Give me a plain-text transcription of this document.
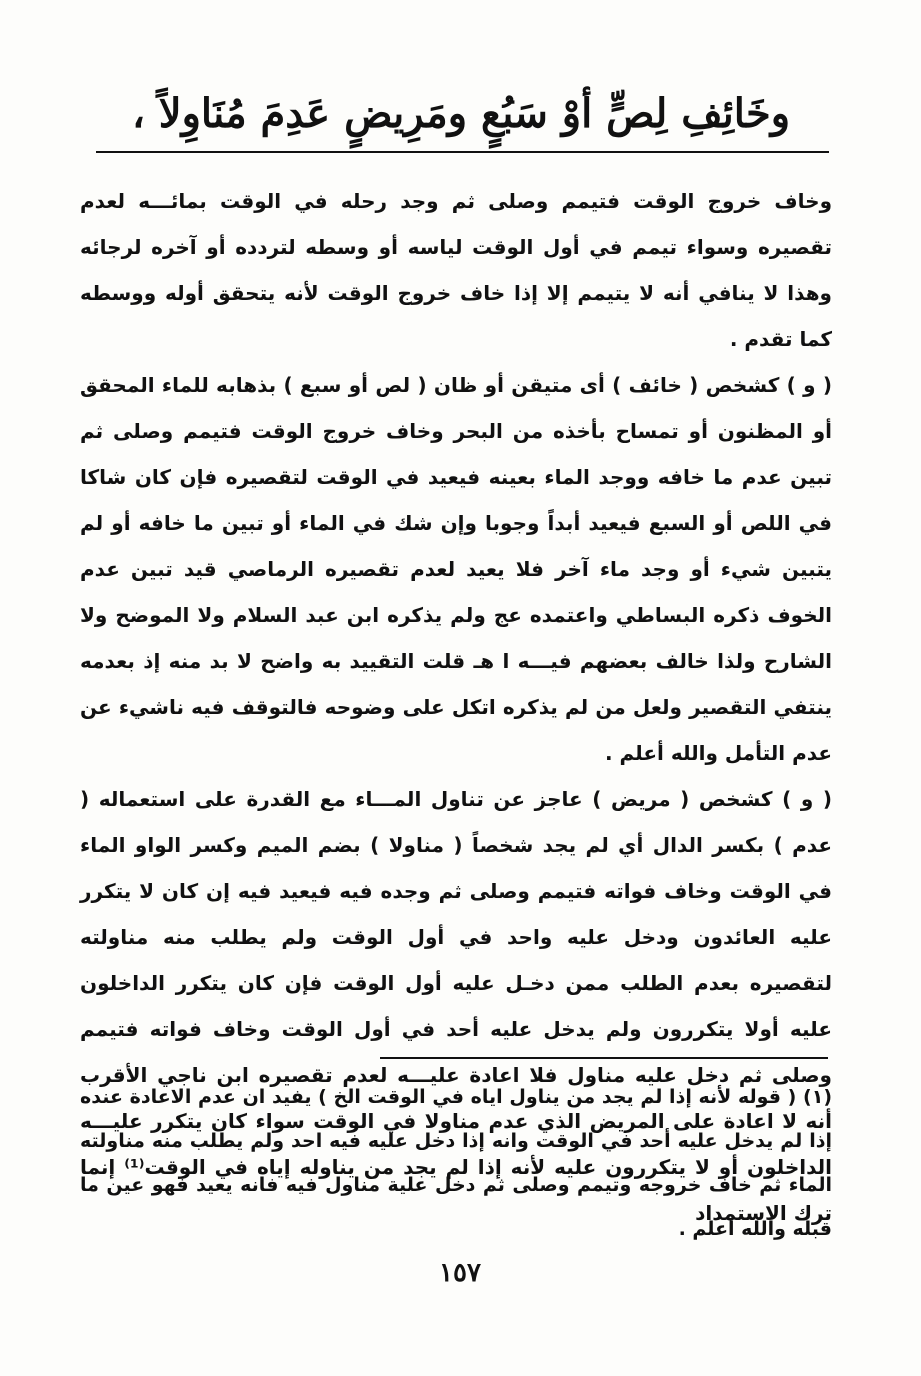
وخَائِفِ لِصٍّ أوْ سَبُعٍ ومَرِيضٍ عَدِمَ مُنَاوِلاً ،

وخاف خروج الوقت فتيمم وصلى ثم وجد رحله في الوقت بمائـــه لعدم تقصيره وسواء تيمم في أول الوقت لياسه أو وسطه لتردده أو آخره لرجائه وهذا لا ينافي أنه لا يتيمم إلا إذا خاف خروج الوقت لأنه يتحقق أوله ووسطه كما تقدم .

( و ) كشخص ( خائف ) أى متيقن أو ظان ( لص أو سبع ) بذهابه للماء المحقق أو المظنون أو تمساح بأخذه من البحر وخاف خروج الوقت فتيمم وصلى ثم تبين عدم ما خافه ووجد الماء بعينه فيعيد في الوقت لتقصيره فإن كان شاكا في اللص أو السبع فيعيد أبداً وجوبا وإن شك في الماء أو تبين ما خافه أو لم يتبين شيء أو وجد ماء آخر فلا يعيد لعدم تقصيره الرماصي قيد تبين عدم الخوف ذكره البساطي واعتمده عج ولم يذكره ابن عبد السلام ولا الموضح ولا الشارح ولذا خالف بعضهم فيـــه ا هـ قلت التقييد به واضح لا بد منه إذ بعدمه ينتفي التقصير ولعل من لم يذكره اتكل على وضوحه فالتوقف فيه ناشيء عن عدم التأمل والله أعلم .

( و ) كشخص ( مريض ) عاجز عن تناول المـــاء مع القدرة على استعماله ( عدم ) بكسر الدال أي لم يجد شخصاً ( مناولا ) بضم الميم وكسر الواو الماء في الوقت وخاف فواته فتيمم وصلى ثم وجده فيه فيعيد فيه إن كان لا يتكرر عليه العائدون ودخل عليه واحد في أول الوقت ولم يطلب منه مناولته لتقصيره بعدم الطلب ممن دخـل عليه أول الوقت فإن كان يتكرر الداخلون عليه أولا يتكررون ولم يدخل عليه أحد في أول الوقت وخاف فواته فتيمم وصلى ثم دخل عليه مناول فلا اعادة عليـــه لعدم تقصيره ابن ناجي الأقرب أنه لا اعادة على المريض الذي عدم مناولا في الوقت سواء كان يتكرر عليـــه الداخلون أو لا يتكررون عليه لأنه إذا لم يجد من يناوله إياه في الوقت⁽¹⁾ إنما ترك الاستمداد

(١) ( قوله لأنه إذا لم يجد من يناول اياه في الوقت الخ ) يفيد ان عدم الاعادة عنده إذا لم يدخل عليه أحد في الوقت وانه إذا دخل عليه فيه احد ولم يطلب منه مناولته الماء ثم خاف خروجه وتيمم وصلى ثم دخل علية مناول فيه فانه يعيد فهو عين ما قبله والله اعلم .

١٥٧
